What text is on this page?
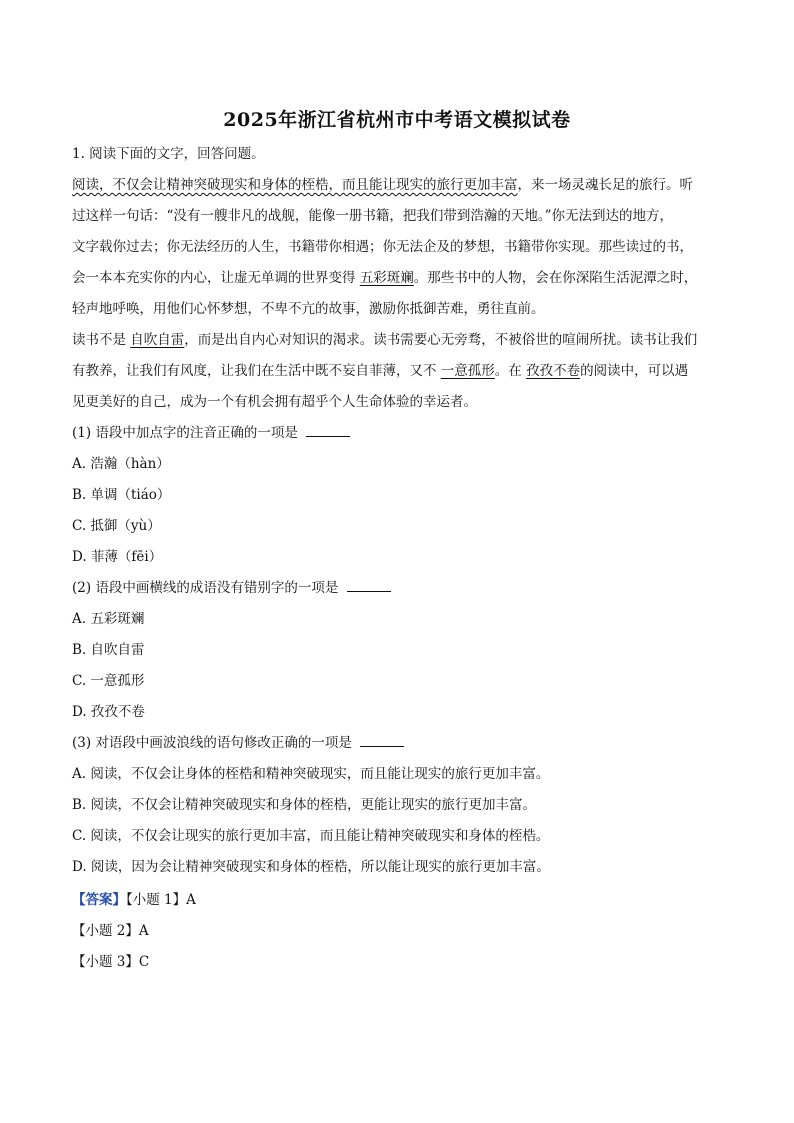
2025年浙江省杭州市中考语文模拟试卷
1. 阅读下面的文字，回答问题。
阅读，不仅会让精神突破现实和身体的桎梏，而且能让现实的旅行更加丰富，来一场灵魂长足的旅行。听
过这样一句话：“没有一艘非凡的战舰，能像一册书籍，把我们带到浩瀚的天地。”你无法到达的地方，
文字载你过去；你无法经历的人生，书籍带你相遇；你无法企及的梦想，书籍带你实现。那些读过的书，
会一本本充实你的内心，让虚无单调的世界变得 五彩斑斓。那些书中的人物，会在你深陷生活泥潭之时，
轻声地呼唤，用他们心怀梦想，不卑不亢的故事，激励你抵御苦难，勇往直前。
读书不是 自吹自雷，而是出自内心对知识的渴求。读书需要心无旁骛，不被俗世的喧闹所扰。读书让我们
有教养，让我们有风度，让我们在生活中既不妄自菲薄，又不 一意孤形。在 孜孜不卷的阅读中，可以遇
见更美好的自己，成为一个有机会拥有超乎个人生命体验的幸运者。
(1) 语段中加点字的注音正确的一项是
A. 浩瀚（hàn）
B. 单调（tiáo）
C. 抵御（yù）
D. 菲薄（fēi）
(2) 语段中画横线的成语没有错别字的一项是
A. 五彩斑斓
B. 自吹自雷
C. 一意孤形
D. 孜孜不卷
(3) 对语段中画波浪线的语句修改正确的一项是
A. 阅读，不仅会让身体的桎梏和精神突破现实，而且能让现实的旅行更加丰富。
B. 阅读，不仅会让精神突破现实和身体的桎梏，更能让现实的旅行更加丰富。
C. 阅读，不仅会让现实的旅行更加丰富，而且能让精神突破现实和身体的桎梏。
D. 阅读，因为会让精神突破现实和身体的桎梏，所以能让现实的旅行更加丰富。
【答案】【小题 1】A
【小题 2】A
【小题 3】C
